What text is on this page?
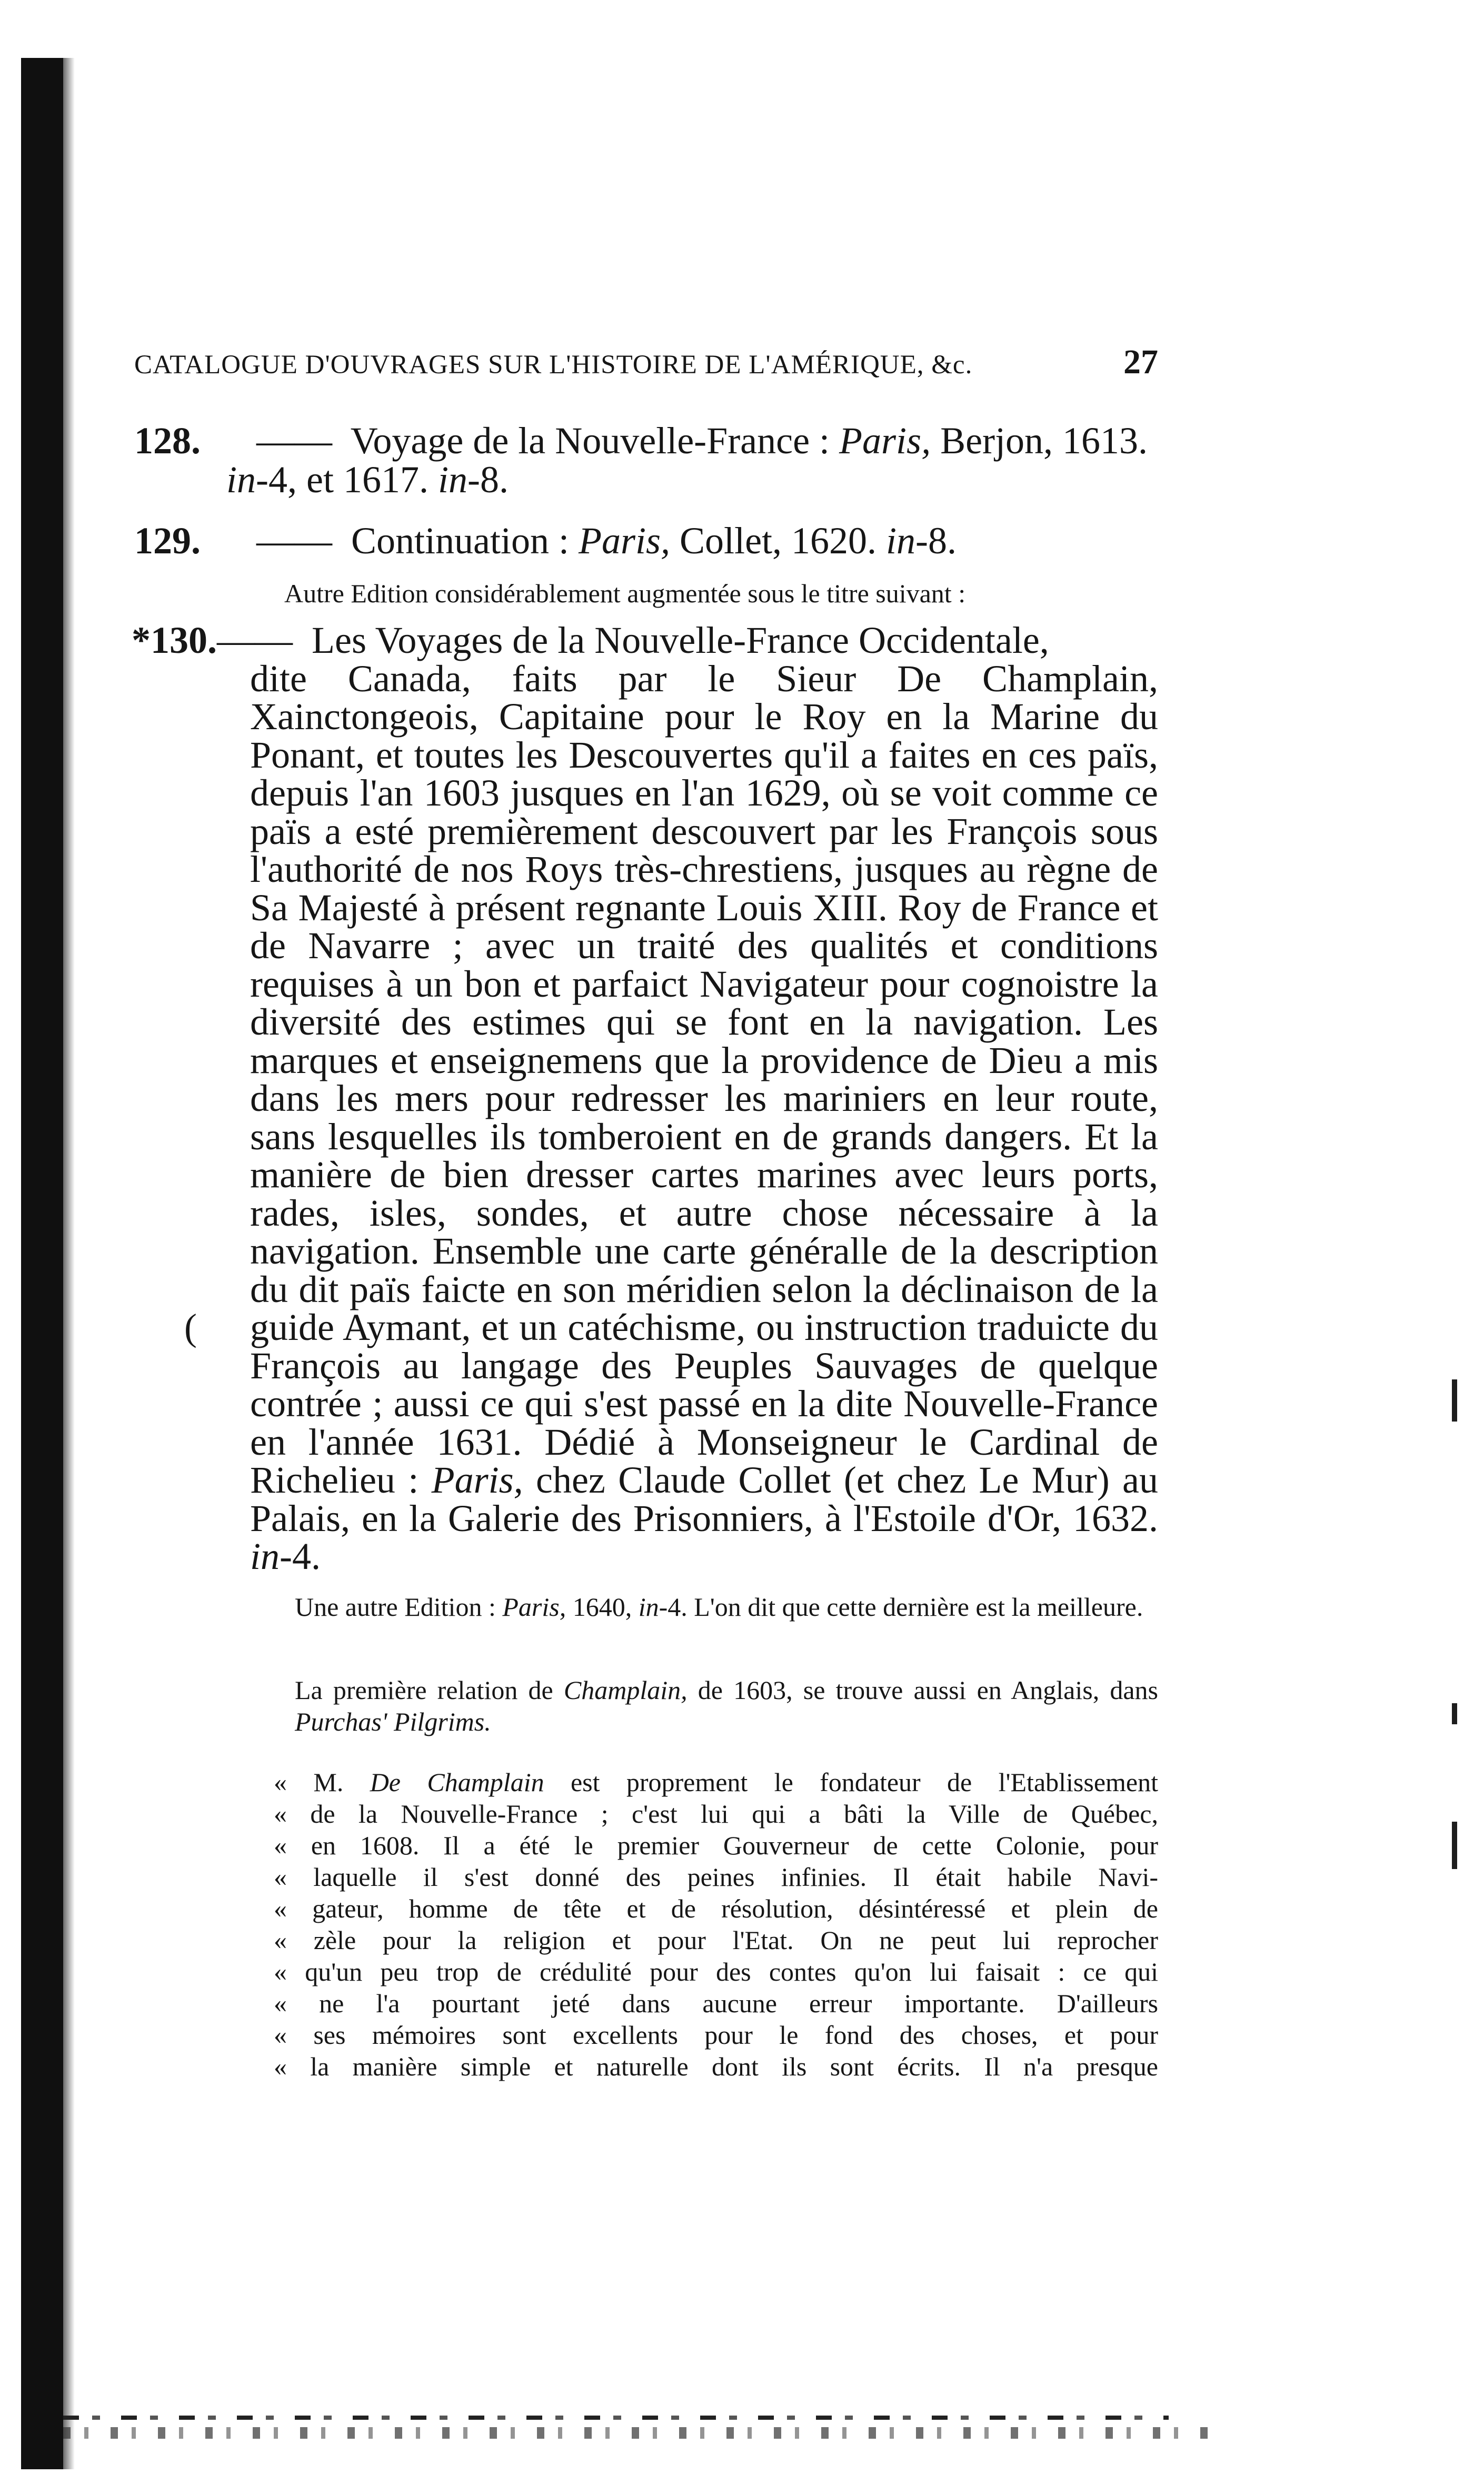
(
CATALOGUE D'OUVRAGES SUR L'HISTOIRE DE L'AMÉRIQUE, &c.	27
128. —— Voyage de la Nouvelle-France : Paris, Berjon, 1613.
in-4, et 1617. in-8.
129. —— Continuation : Paris, Collet, 1620. in-8.
Autre Edition considérablement augmentée sous le titre suivant :
*130.—— Les Voyages de la Nouvelle-France Occidentale,
dite Canada, faits par le Sieur De Champlain, Xainctongeois, Capitaine pour le Roy en la Marine du Ponant, et toutes les Descouvertes qu'il a faites en ces païs, depuis l'an 1603 jusques en l'an 1629, où se voit comme ce païs a esté premièrement descouvert par les François sous l'authorité de nos Roys très-chrestiens, jusques au règne de Sa Majesté à présent regnante Louis XIII. Roy de France et de Navarre ; avec un traité des qualités et conditions requises à un bon et parfaict Navigateur pour cognoistre la diversité des estimes qui se font en la navigation. Les marques et enseignemens que la providence de Dieu a mis dans les mers pour redresser les mariniers en leur route, sans lesquelles ils tomberoient en de grands dangers. Et la manière de bien dresser cartes marines avec leurs ports, rades, isles, sondes, et autre chose nécessaire à la navigation. Ensemble une carte généralle de la description du dit païs faicte en son méridien selon la déclinaison de la guide Aymant, et un catéchisme, ou instruction traduicte du François au langage des Peuples Sauvages de quelque contrée ; aussi ce qui s'est passé en la dite Nouvelle-France en l'année 1631. Dédié à Monseigneur le Cardinal de Richelieu : Paris, chez Claude Collet (et chez Le Mur) au Palais, en la Galerie des Prisonniers, à l'Estoile d'Or, 1632. in-4.
Une autre Edition : Paris, 1640, in-4. L'on dit que cette dernière est la meilleure.
La première relation de Champlain, de 1603, se trouve aussi en Anglais, dans Purchas' Pilgrims.
« M. De Champlain est proprement le fondateur de l'Etablissement
« de la Nouvelle-France ; c'est lui qui a bâti la Ville de Québec,
« en 1608. Il a été le premier Gouverneur de cette Colonie, pour
« laquelle il s'est donné des peines infinies. Il était habile Navi-
« gateur, homme de tête et de résolution, désintéressé et plein de
« zèle pour la religion et pour l'Etat. On ne peut lui reprocher
« qu'un peu trop de crédulité pour des contes qu'on lui faisait : ce qui
« ne l'a pourtant jeté dans aucune erreur importante. D'ailleurs
« ses mémoires sont excellents pour le fond des choses, et pour
« la manière simple et naturelle dont ils sont écrits. Il n'a presque
